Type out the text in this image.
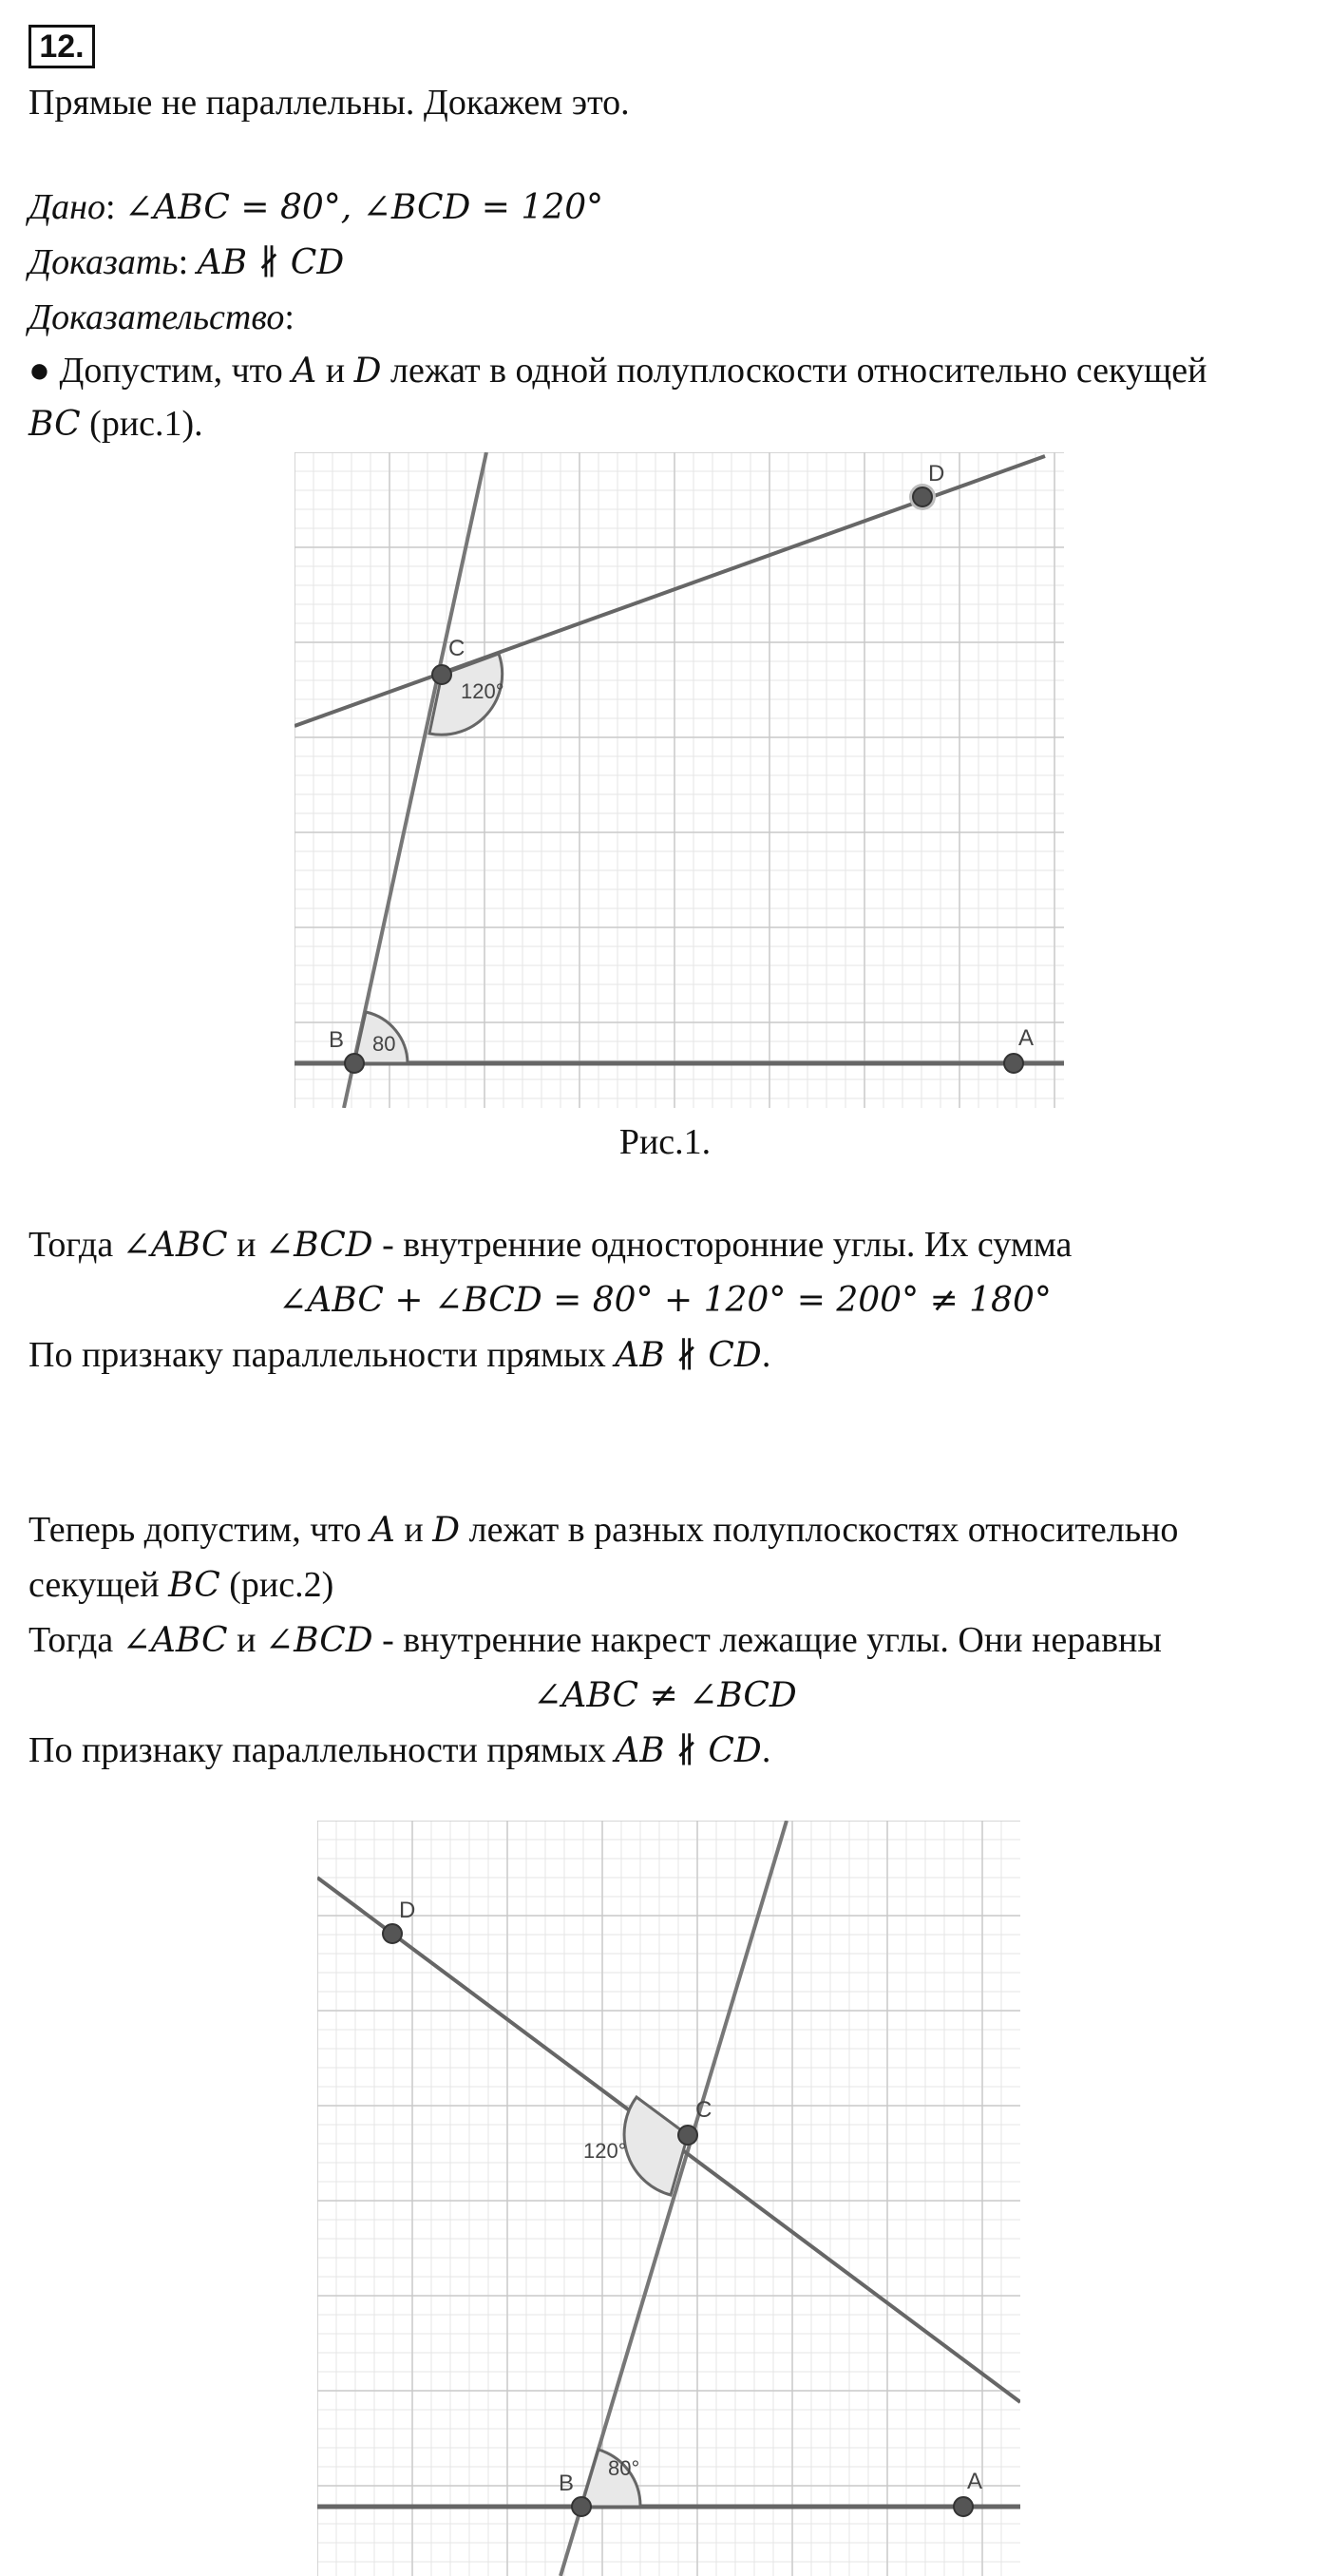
12.
Прямые не параллельны. Докажем это.
Дано: ∠ABC = 80°, ∠BCD = 120°
Доказать: AB ∦ CD
Доказательство:
● Допустим, что A и D лежат в одной полуплоскости относительно секущей
BC (рис.1).
D
C
120°
B 80	A
Рис.1.
Тогда ∠ABC и ∠BCD - внутренние односторонние углы. Их сумма
∠ABC + ∠BCD = 80° + 120° = 200° ≠ 180°
По признаку параллельности прямых AB ∦ CD.
Теперь допустим, что A и D лежат в разных полуплоскостях относительно
секущей BC (рис.2)
Тогда ∠ABC и ∠BCD - внутренние накрест лежащие углы. Они неравны
∠ABC ≠ ∠BCD
По признаку параллельности прямых AB ∦ CD.
D
C
120°
B
80°
A
